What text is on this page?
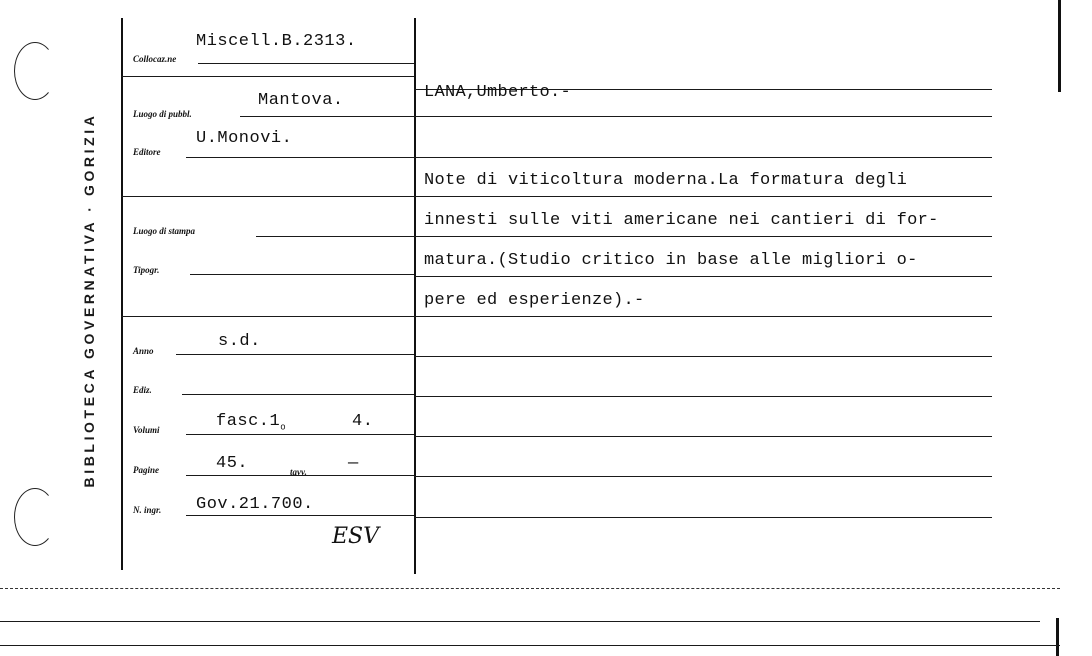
BIBLIOTECA GOVERNATIVA · GORIZIA
Collocaz.ne
Miscell.B.2313.
Luogo di pubbl.
Mantova.
Editore
U.Monovi.
Luogo di stampa
Tipogr.
Anno	s.d.
Ediz.
Volumi	$fasc.1_o$	4.
Pagine	45.	tavv. —
N. ingr. Gov.21.700.
ESV
LANA,Umberto.-
Note di viticoltura moderna.La formatura degli
innesti sulle viti americane nei cantieri di for-
matura.(Studio critico in base alle migliori o-
pere ed esperienze).-
